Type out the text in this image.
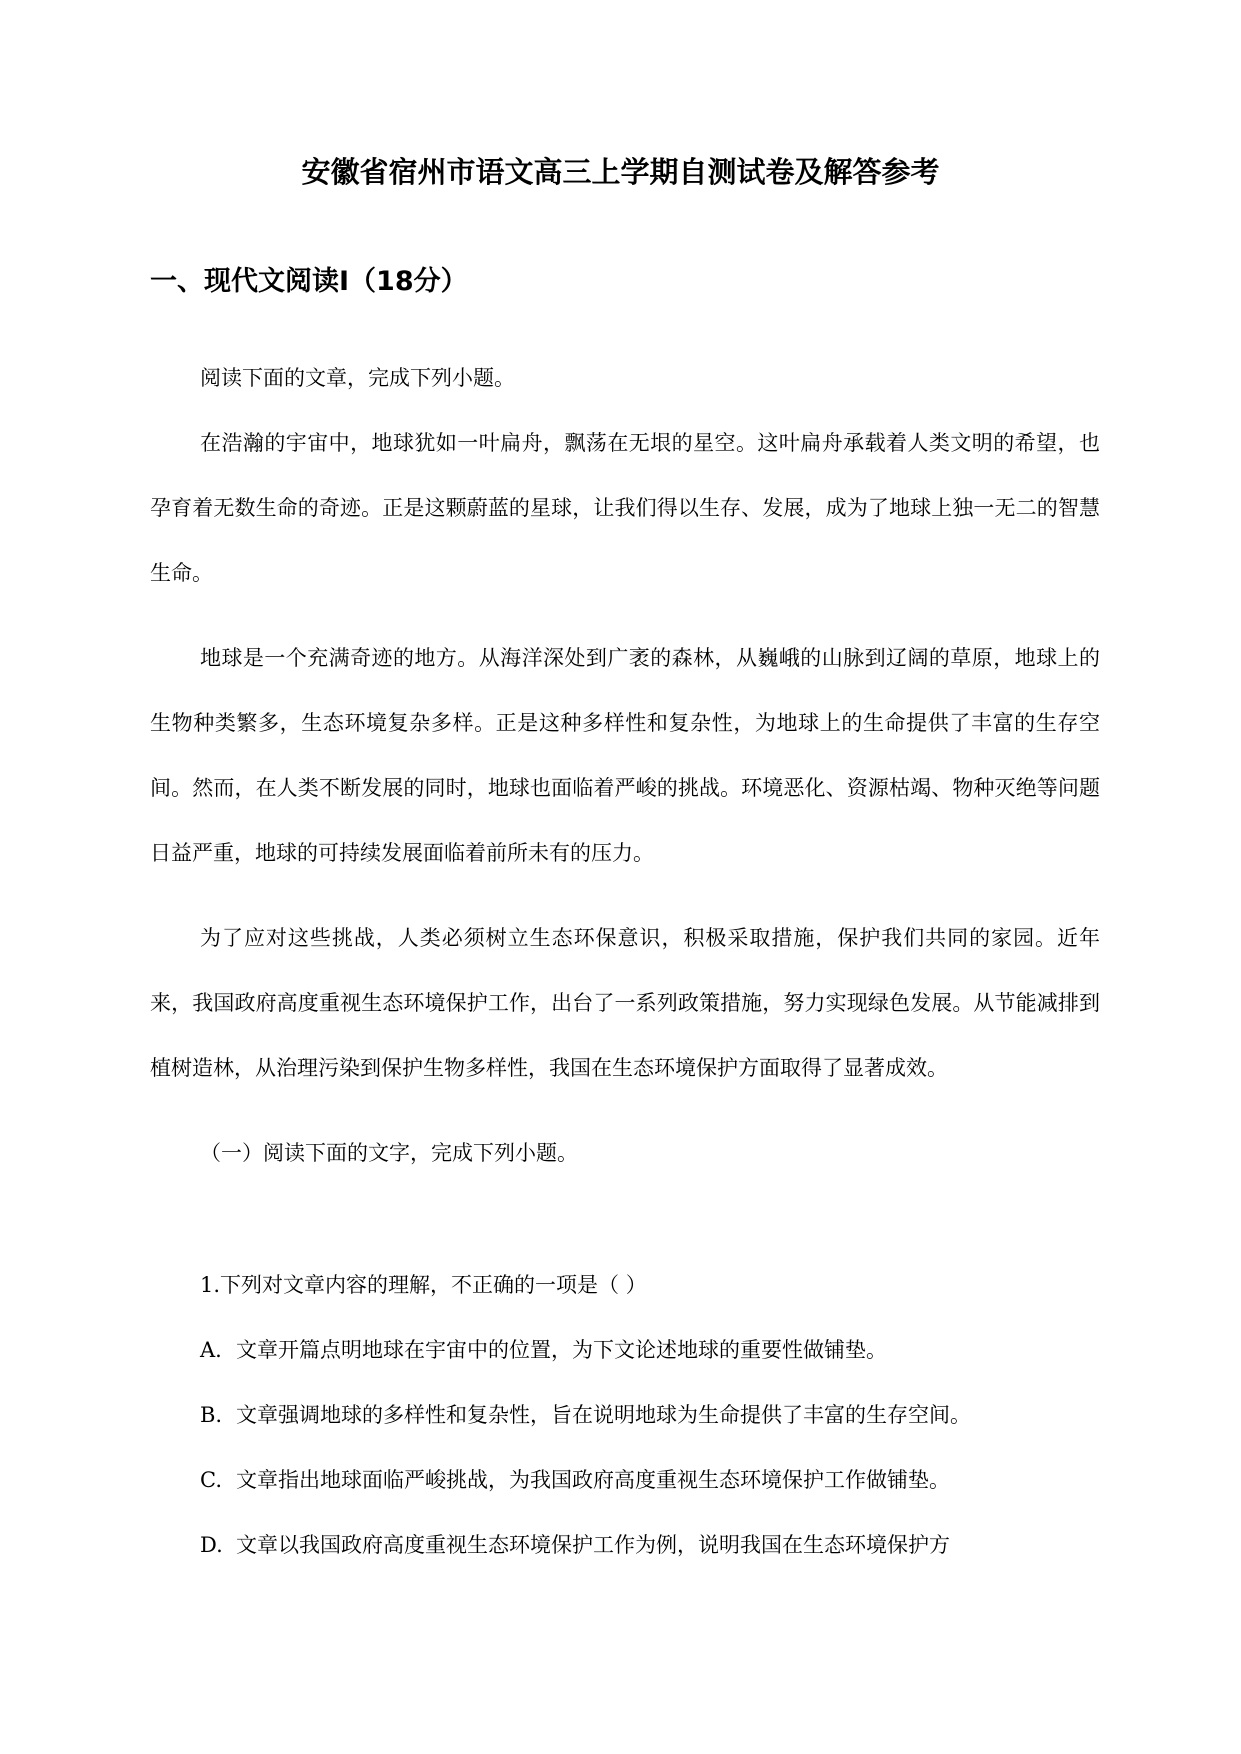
安徽省宿州市语文高三上学期自测试卷及解答参考
一、现代文阅读Ⅰ（18分）

阅读下面的文章，完成下列小题。

在浩瀚的宇宙中，地球犹如一叶扁舟，飘荡在无垠的星空。这叶扁舟承载着人类文明的希望，也孕育着无数生命的奇迹。正是这颗蔚蓝的星球，让我们得以生存、发展，成为了地球上独一无二的智慧生命。

地球是一个充满奇迹的地方。从海洋深处到广袤的森林，从巍峨的山脉到辽阔的草原，地球上的生物种类繁多，生态环境复杂多样。正是这种多样性和复杂性，为地球上的生命提供了丰富的生存空间。然而，在人类不断发展的同时，地球也面临着严峻的挑战。环境恶化、资源枯竭、物种灭绝等问题日益严重，地球的可持续发展面临着前所未有的压力。

为了应对这些挑战，人类必须树立生态环保意识，积极采取措施，保护我们共同的家园。近年来，我国政府高度重视生态环境保护工作，出台了一系列政策措施，努力实现绿色发展。从节能减排到植树造林，从治理污染到保护生物多样性，我国在生态环境保护方面取得了显著成效。

（一）阅读下面的文字，完成下列小题。

1.下列对文章内容的理解，不正确的一项是（ ）

A. 文章开篇点明地球在宇宙中的位置，为下文论述地球的重要性做铺垫。

B. 文章强调地球的多样性和复杂性，旨在说明地球为生命提供了丰富的生存空间。

C. 文章指出地球面临严峻挑战，为我国政府高度重视生态环境保护工作做铺垫。

D. 文章以我国政府高度重视生态环境保护工作为例，说明我国在生态环境保护方
